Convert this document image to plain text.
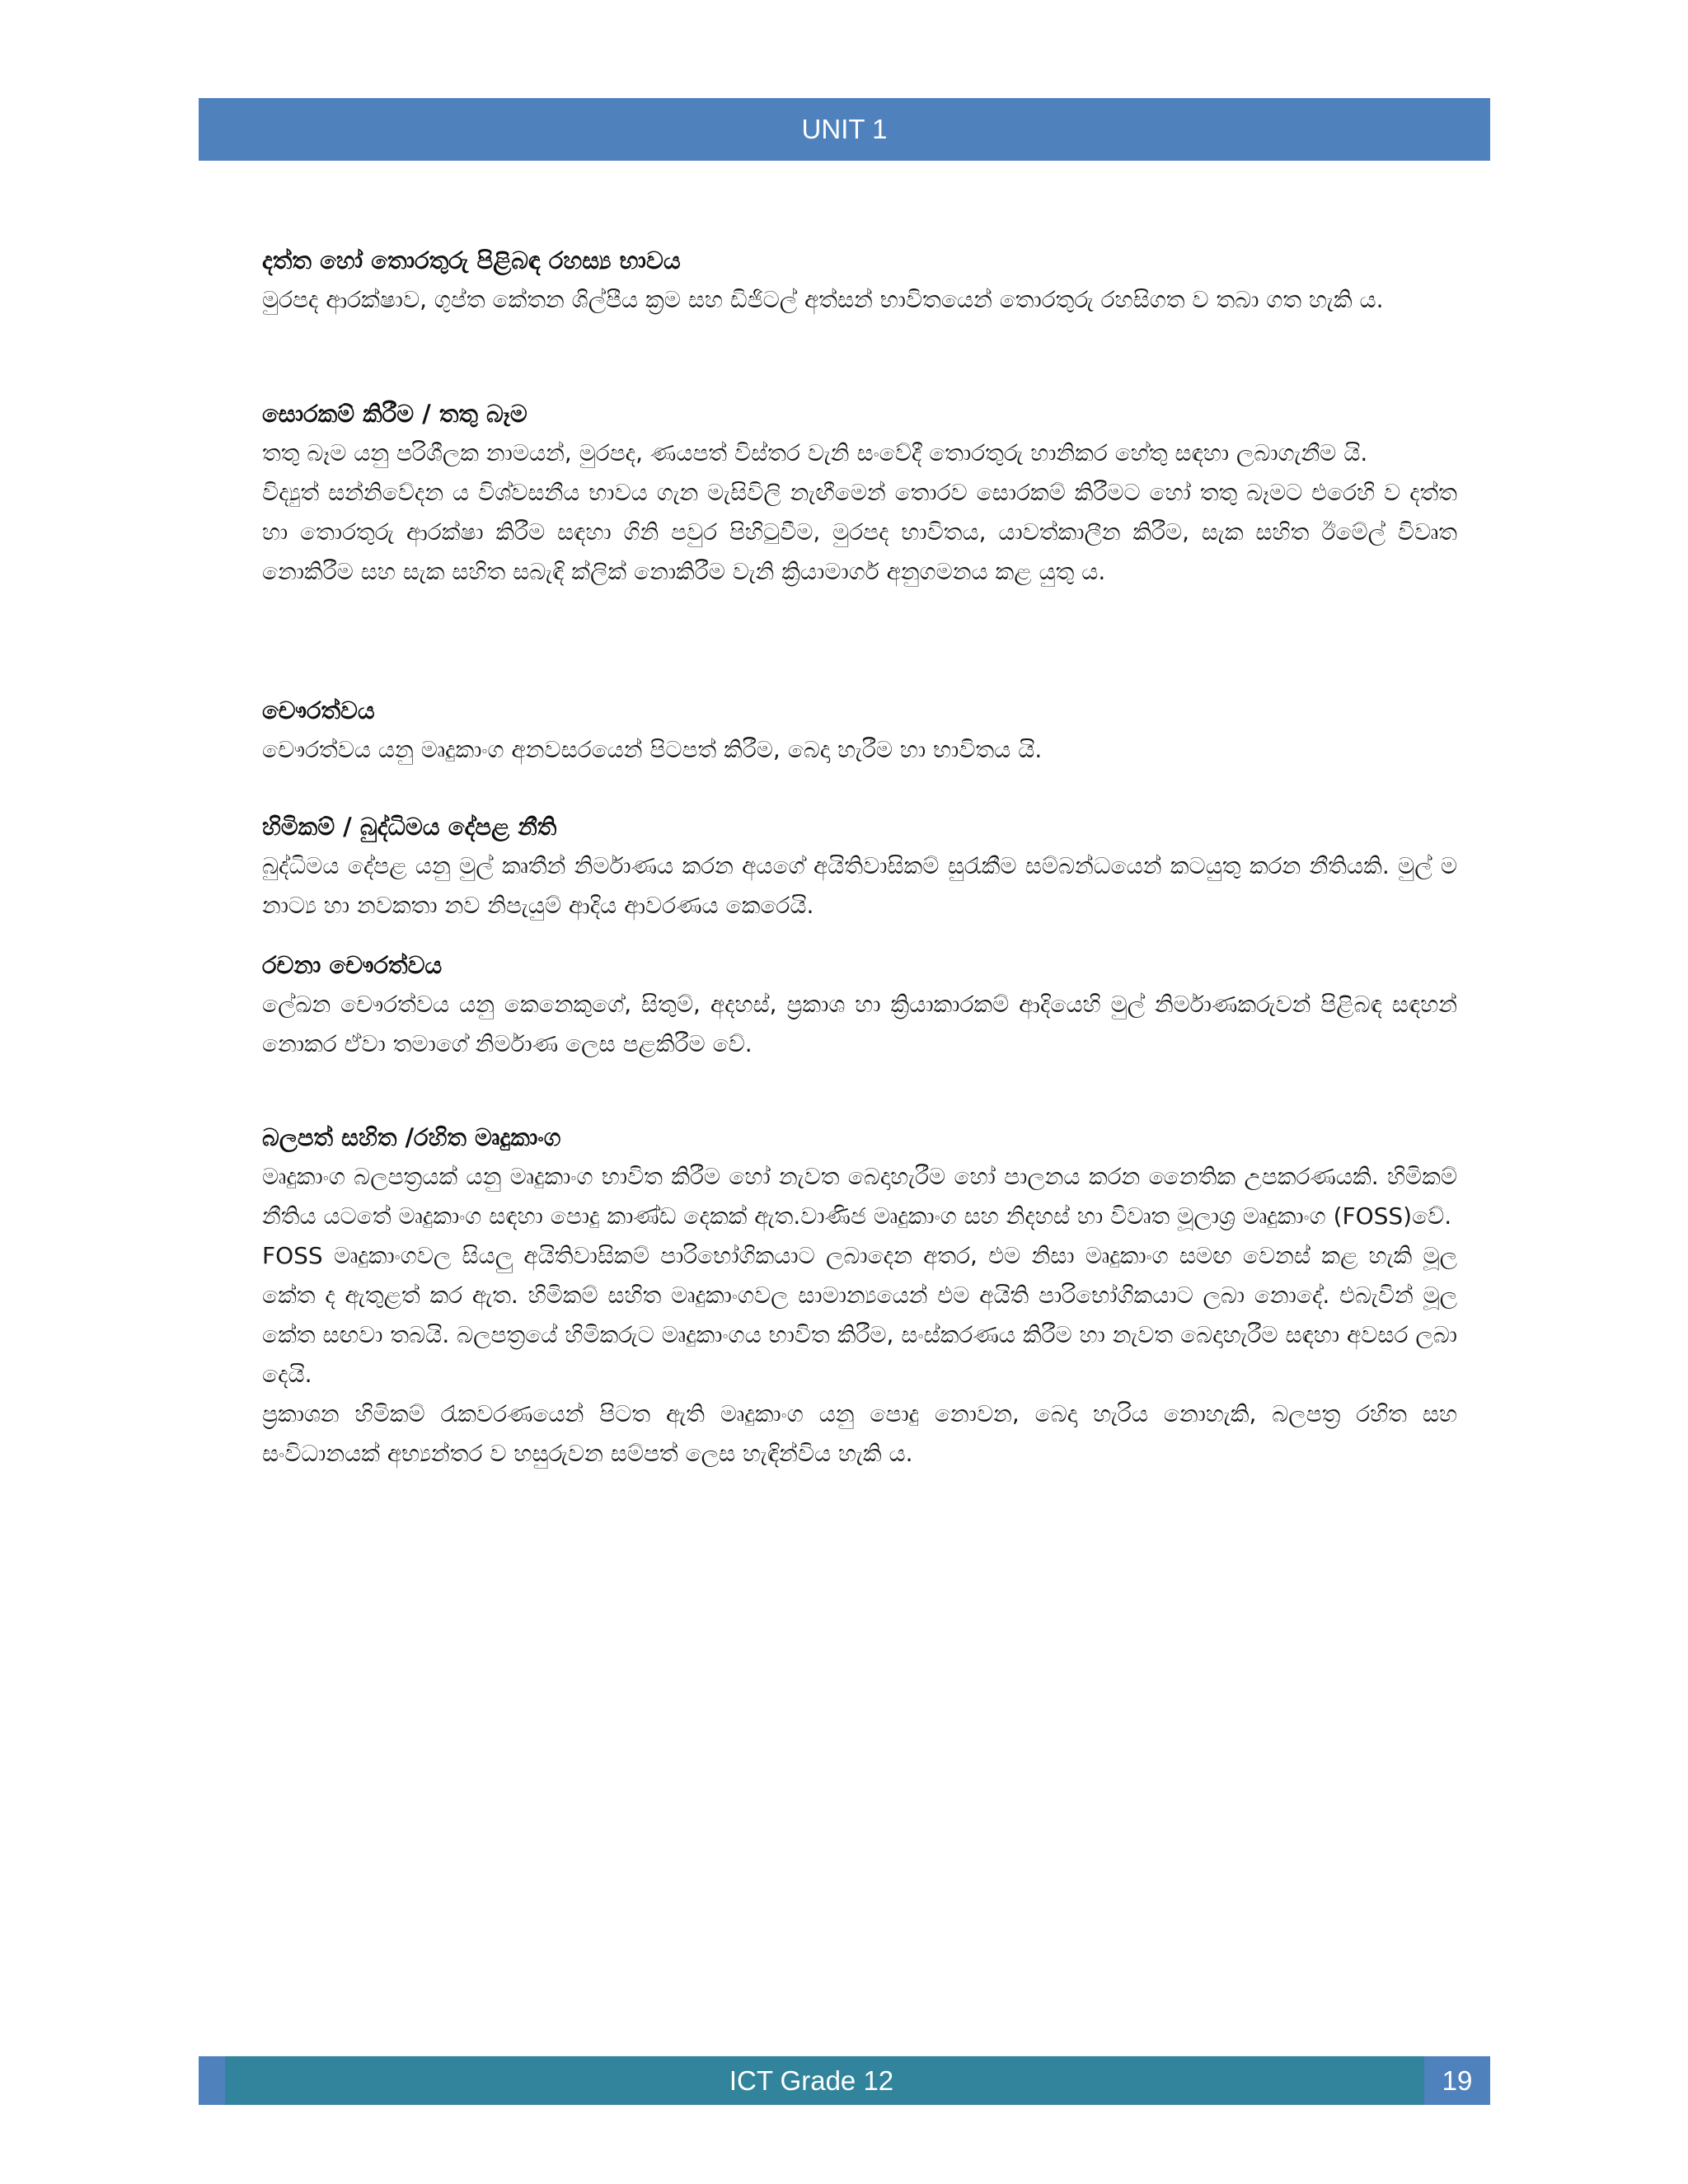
UNIT 1
දත්ත හෝ තොරතුරු පිළිබඳ රහස්‍ය භාවය

මුරපද ආරක්ෂාව, ගුප්ත කේතන ශිල්පීය ක්‍රම සහ ඩිජිටල් අත්සන් භාවිතයෙන් තොරතුරු රහසිගත ව තබා ගත හැකි ය.

සොරකම් කිරීම / තතු බෑම

තතු බෑම යනු පරිශීලක නාමයන්, මුරපද, ණයපත් විස්තර වැනි සංවේදී තොරතුරු හානිකර හේතු සඳහා ලබාගැනීම යි.

විද්‍යුත් සන්නිවේදන ය විශ්වසනීය භාවය ගැන මැසිවිලි නැඟීමෙන් තොරව සොරකම් කිරීමට හෝ තතු බෑමට එරෙහි ව දත්ත හා තොරතුරු ආරක්ෂා කිරීම සඳහා ගිනි පවුර පිහිටුවීම, මුරපද භාවිතය, යාවත්කාලීන කිරීම, සැක සහිත ඊමේල් විවෘත නොකිරීම සහ සැක සහිත සබැඳි ක්ලික් නොකිරීම වැනි ක්‍රියාමාර්ග අනුගමනය කළ යුතු ය.

චෞරත්වය

චෞරත්වය යනු මෘදුකාංග අනවසරයෙන් පිටපත් කිරීම, බෙදා හැරීම හා භාවිතය යි.

හිමිකම් / බුද්ධිමය දේපළ නීති

බුද්ධිමය දේපළ යනු මුල් කෘතීන් නිර්මාණය කරන අයගේ අයිතිවාසිකම් සුරැකීම සම්බන්ධයෙන් කටයුතු කරන නීතියකි. මුල් ම නාට්‍ය හා නවකතා නව නිපැයුම් ආදිය ආවරණය කෙරෙයි.

රචනා චෞරත්වය

ලේඛන චෞරත්වය යනු කෙනෙකුගේ, සිතුම්, අදහස්, ප්‍රකාශ හා ක්‍රියාකාරකම් ආදියෙහි මුල් නිර්මාණකරුවන් පිළිබඳ සඳහන් නොකර ඒවා තමාගේ නිර්මාණ ලෙස පළකිරීම වේ.

බලපත් සහිත /රහිත මෘදුකාංග

මෘදුකාංග බලපත්‍රයක් යනු මෘදුකාංග භාවිත කිරීම හෝ නැවත බෙදාහැරීම හෝ පාලනය කරන නෛතික උපකරණයකි. හිමිකම් නීතිය යටතේ මෘදුකාංග සඳහා පොදු කාණ්ඩ දෙකක් ඇත.වාණිජ මෘදුකාංග සහ නිදහස් හා විවෘත මූලාශ්‍ර මෘදුකාංග (FOSS)වේ.

FOSS මෘදුකාංගවල සියලු අයිතිවාසිකම් පාරිභෝගිකයාට ලබාදෙන අතර, එම නිසා මෘදුකාංග සමඟ වෙනස් කළ හැකි මූල කේත ද ඇතුළත් කර ඇත. හිමිකම් සහිත මෘදුකාංගවල සාමාන්‍යයෙන් එම අයිති පාරිභෝගිකයාට ලබා නොදේ. එබැවින් මූල කේත සඟවා තබයි. බලපත්‍රයේ හිමිකරුට මෘදුකාංගය භාවිත කිරීම, සංස්කරණය කිරීම හා නැවත බෙදාහැරීම සඳහා අවසර ලබා දෙයි.

ප්‍රකාශන හිමිකම් රැකවරණයෙන් පිටත ඇති මෘදුකාංග යනු පොදු නොවන, බෙදා හැරිය නොහැකි, බලපත්‍ර රහිත සහ සංවිධානයක් අභ්‍යන්තර ව හසුරුවන සම්පත් ලෙස හැඳින්විය හැකි ය.

ICT Grade 12	19
